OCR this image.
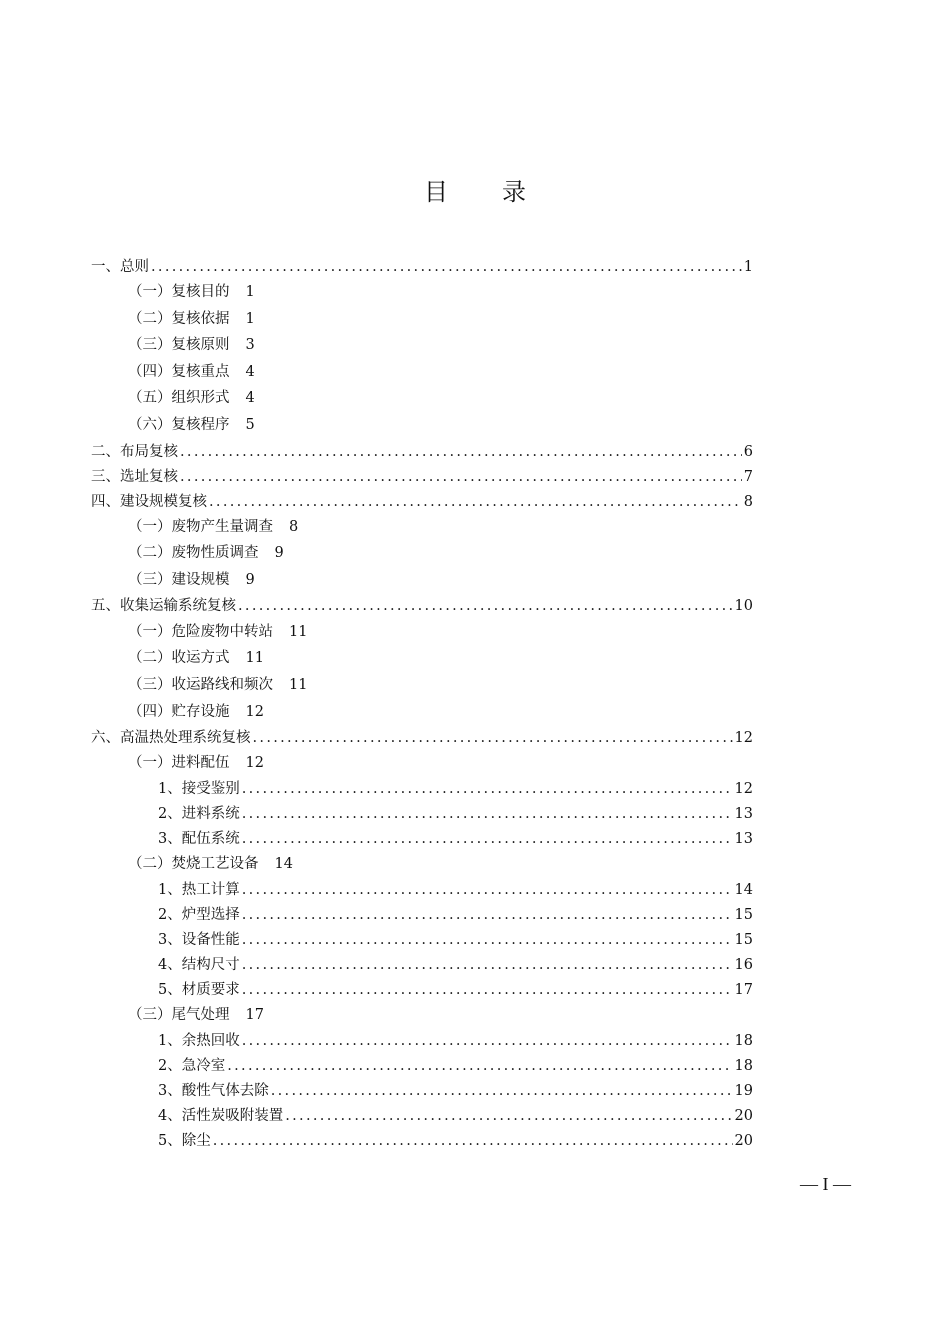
目 录
一、总则 .....	1
（一）复核目的 1
（二）复核依据 1
（三）复核原则 3
（四）复核重点 4
（五）组织形式 4
（六）复核程序 5
二、布局复核 .....	6
三、选址复核 .....	7
四、建设规模复核 .....	8
（一）废物产生量调查 8
（二）废物性质调查 9
（三）建设规模 9
五、收集运输系统复核 .....	10
（一）危险废物中转站 11
（二）收运方式 11
（三）收运路线和频次 11
（四）贮存设施 12
六、高温热处理系统复核 .....	12
（一）进料配伍 12
1、接受鉴别 .....	12
2、进料系统 .....	13
3、配伍系统 .....	13
（二）焚烧工艺设备 14
1、热工计算 .....	14
2、炉型选择 .....	15
3、设备性能 .....	15
4、结构尺寸 .....	16
5、材质要求 .....	17
（三）尾气处理 17
1、余热回收 .....	18
2、急冷室 .....	18
3、酸性气体去除 .....	19
4、活性炭吸附装置 .....	20
5、除尘 .....	20
— I —
